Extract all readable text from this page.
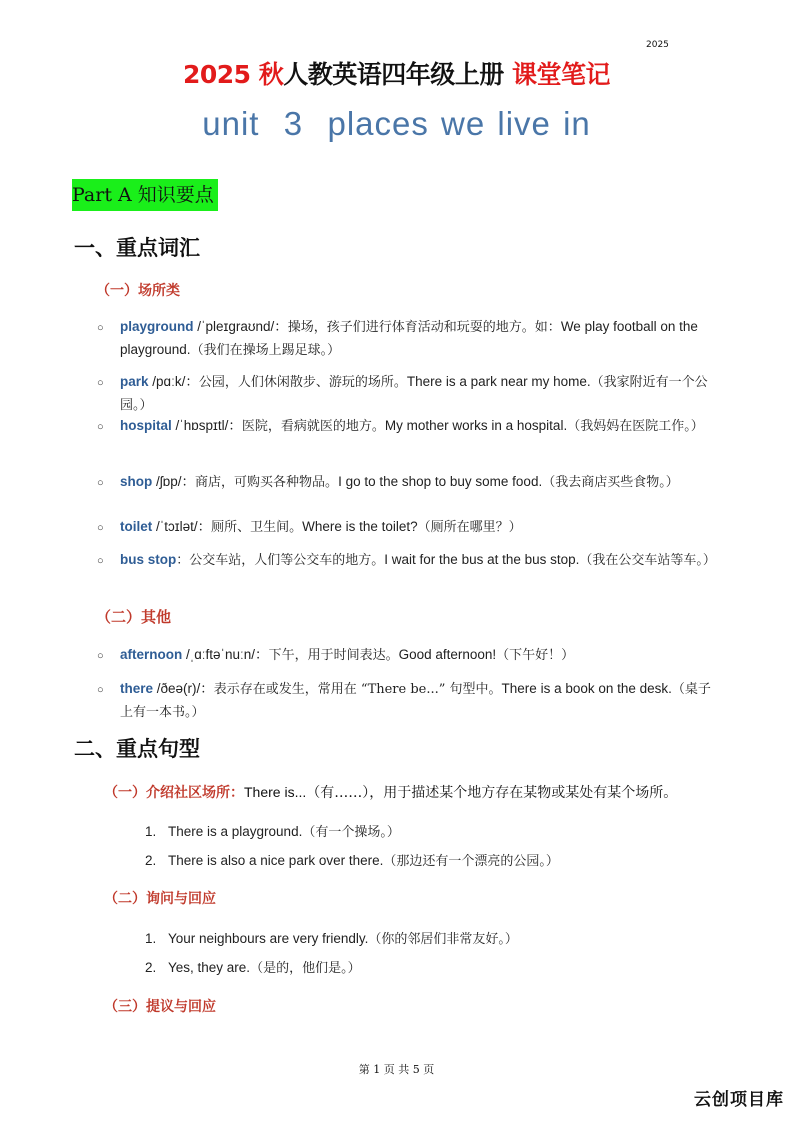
2025
2025 秋人教英语四年级上册 课堂笔记
unit  3  places we live in
Part A 知识要点
一、重点词汇
（一）场所类
○ playground /ˈpleɪɡraʊnd/：操场，孩子们进行体育活动和玩耍的地方。如：We play football on the playground.（我们在操场上踢足球。）
○ park /pɑːk/：公园，人们休闲散步、游玩的场所。There is a park near my home.（我家附近有一个公园。）
○ hospital /ˈhɒspɪtl/：医院，看病就医的地方。My mother works in a hospital.（我妈妈在医院工作。）
○ shop /ʃɒp/：商店，可购买各种物品。I go to the shop to buy some food.（我去商店买些食物。）
○ toilet /ˈtɔɪlət/：厕所、卫生间。Where is the toilet?（厕所在哪里？）
○ bus stop：公交车站，人们等公交车的地方。I wait for the bus at the bus stop.（我在公交车站等车。）
（二）其他
○ afternoon /ˌɑːftəˈnuːn/：下午，用于时间表达。Good afternoon!（下午好！）
○ there /ðeə(r)/：表示存在或发生，常用在 “There be...” 句型中。There is a book on the desk.（桌子上有一本书。）
二、重点句型
（一）介绍社区场所：There is...（有……），用于描述某个地方存在某物或某处有某个场所。
1. There is a playground.（有一个操场。）
2. There is also a nice park over there.（那边还有一个漂亮的公园。）
（二）询问与回应
1. Your neighbours are very friendly.（你的邻居们非常友好。）
2. Yes, they are.（是的，他们是。）
（三）提议与回应
第 1 页 共 5 页
云创项目库
